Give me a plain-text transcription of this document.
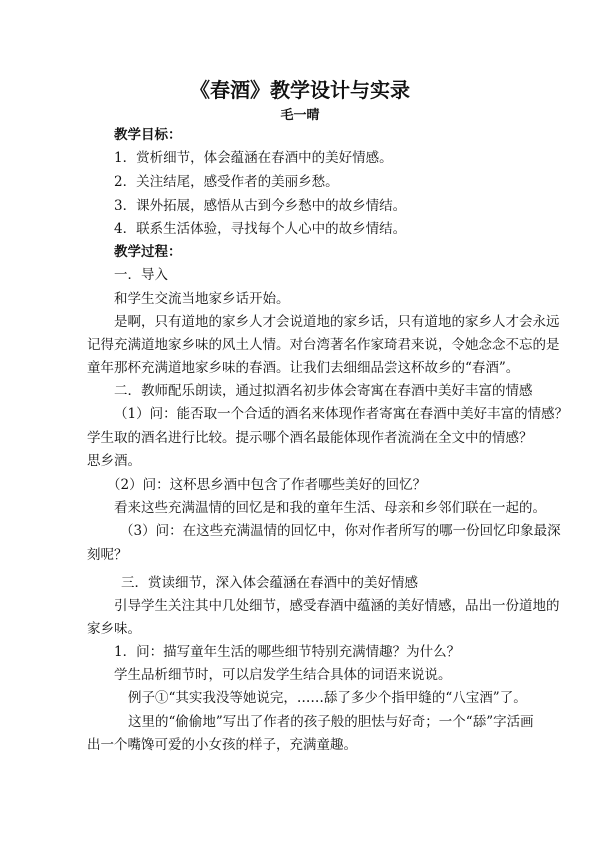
《春酒》教学设计与实录

毛一晴

教学目标：

1．赏析细节，体会蕴涵在春酒中的美好情感。

2．关注结尾，感受作者的美丽乡愁。

3．课外拓展，感悟从古到今乡愁中的故乡情结。

4．联系生活体验，寻找每个人心中的故乡情结。

教学过程：

一．导入

和学生交流当地家乡话开始。

是啊，只有道地的家乡人才会说道地的家乡话，只有道地的家乡人才会永远

记得充满道地家乡味的风土人情。对台湾著名作家琦君来说，令她念念不忘的是

童年那杯充满道地家乡味的春酒。让我们去细细品尝这杯故乡的“春酒”。

二．教师配乐朗读，通过拟酒名初步体会寄寓在春酒中美好丰富的情感

（1）问：能否取一个合适的酒名来体现作者寄寓在春酒中美好丰富的情感？

学生取的酒名进行比较。提示哪个酒名最能体现作者流淌在全文中的情感？

思乡酒。

（2）问：这杯思乡酒中包含了作者哪些美好的回忆？

看来这些充满温情的回忆是和我的童年生活、母亲和乡邻们联在一起的。

（3）问：在这些充满温情的回忆中，你对作者所写的哪一份回忆印象最深

刻呢？

三．赏读细节，深入体会蕴涵在春酒中的美好情感

引导学生关注其中几处细节，感受春酒中蕴涵的美好情感，品出一份道地的

家乡味。

1．问：描写童年生活的哪些细节特别充满情趣？为什么？

学生品析细节时，可以启发学生结合具体的词语来说说。

例子①“其实我没等她说完，……舔了多少个指甲缝的“八宝酒”了。

这里的“偷偷地”写出了作者的孩子般的胆怯与好奇；一个“舔”字活画

出一个嘴馋可爱的小女孩的样子，充满童趣。
